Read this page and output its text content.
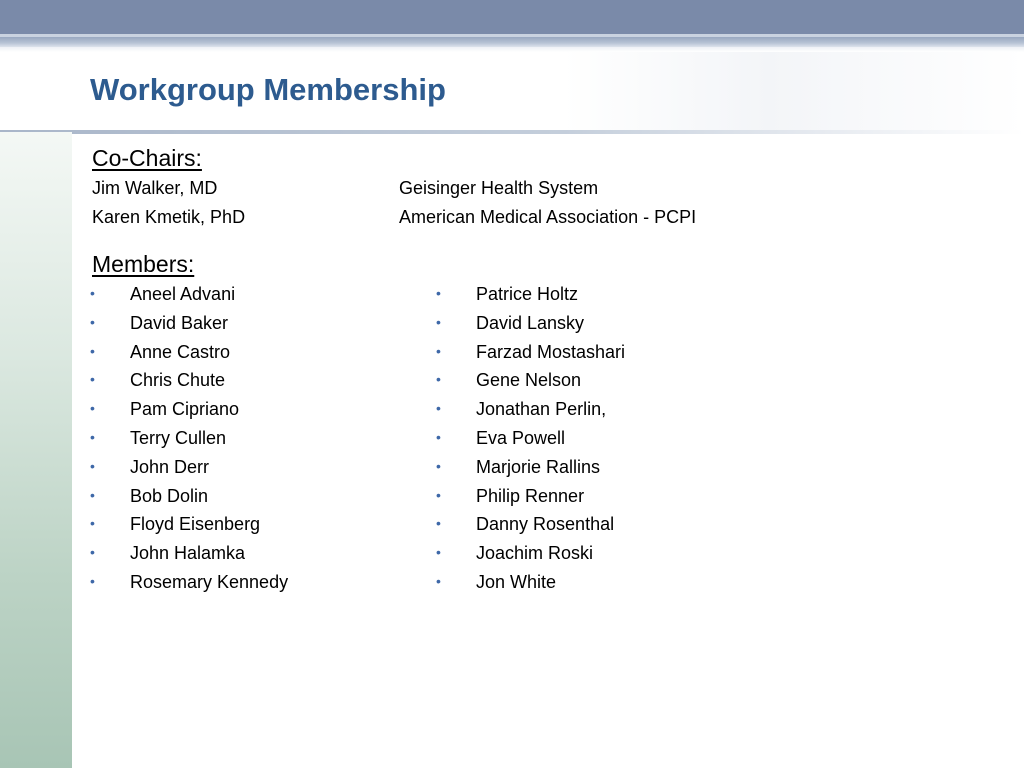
Workgroup Membership
Co-Chairs:
Jim Walker, MD	Geisinger Health System
Karen Kmetik, PhD	American Medical Association - PCPI
Members:
• Aneel Advani
• David Baker
• Anne Castro
• Chris Chute
• Pam Cipriano
• Terry Cullen
• John Derr
• Bob Dolin
• Floyd Eisenberg
• John Halamka
• Rosemary Kennedy
• Patrice Holtz
• David Lansky
• Farzad Mostashari
• Gene Nelson
• Jonathan Perlin,
• Eva Powell
• Marjorie Rallins
• Philip Renner
• Danny Rosenthal
• Joachim Roski
• Jon White
